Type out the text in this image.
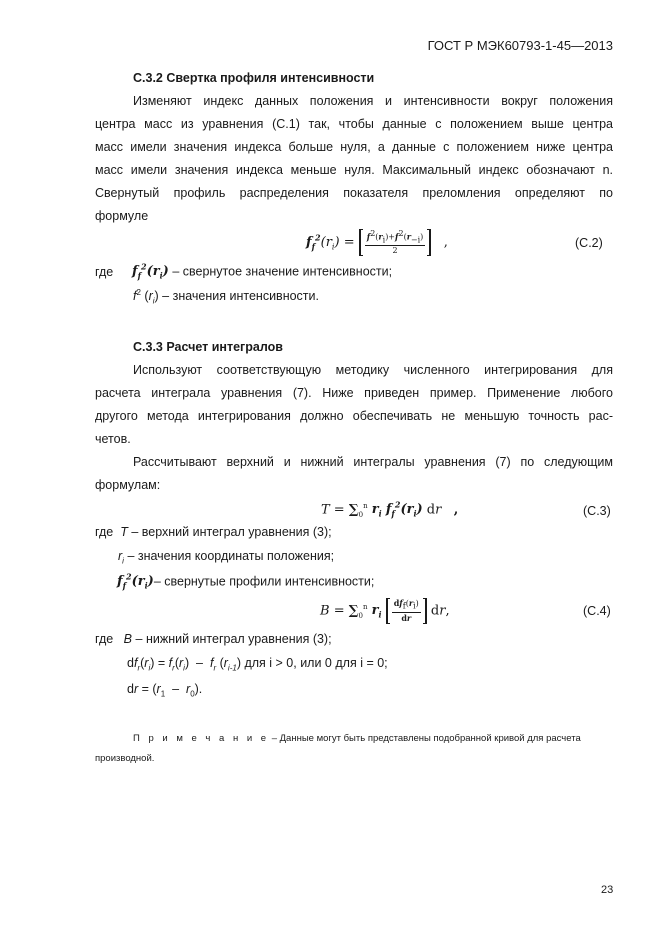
ГОСТ Р МЭК60793-1-45—2013
С.3.2 Свертка профиля интенсивности
Изменяют индекс данных положения и интенсивности вокруг положения
центра масс из уравнения (С.1) так, чтобы данные с положением выше центра
масс имели значения индекса больше нуля, а данные с положением ниже центра
масс имели значения индекса меньше нуля. Максимальный индекс обозначают n.
Свернутый профиль распределения показателя преломления определяют по
формуле
$f_f^2(r_i) = \frac{f^2(r_i)+f^2(r_{-i})}{2}$ ,	(С.2)
где $f_f^2(r_i)$ – свернутое значение интенсивности;
$f^2$ $(r_i)$ – значения интенсивности.
С.3.3 Расчет интегралов
Используют соответствующую методику численного интегрирования для
расчета интеграла уравнения (7). Ниже приведен пример. Применение любого
другого метода интегрирования должно обеспечивать не меньшую точность рас-
четов.
Рассчитывают верхний и нижний интегралы уравнения (7) по следующим
формулам:
$T = \sum_0^n$ $r_i$ $f_f^2(r_i)$ dr ,	(С.3)
где  T – верхний интеграл уравнения (3);
$r_i$ – значения координаты положения;
$f_f^2(r_i)-$ свернутые профили интенсивности;
$B = \sum_0^n$ $r_i \frac{df_f(r_i)}{dr}$ dr,	(С.4)
где   B – нижний интеграл уравнения (3);
$df_r(r_i) = f_r(r_i) - f_r$ $(r_{i-1})$ для i > 0, или 0 для i = 0;
dr = $(r_1 - r_0)$.
П р и м е ч а н и е – Данные могут быть представлены подобранной кривой для расчета
производной.
23
